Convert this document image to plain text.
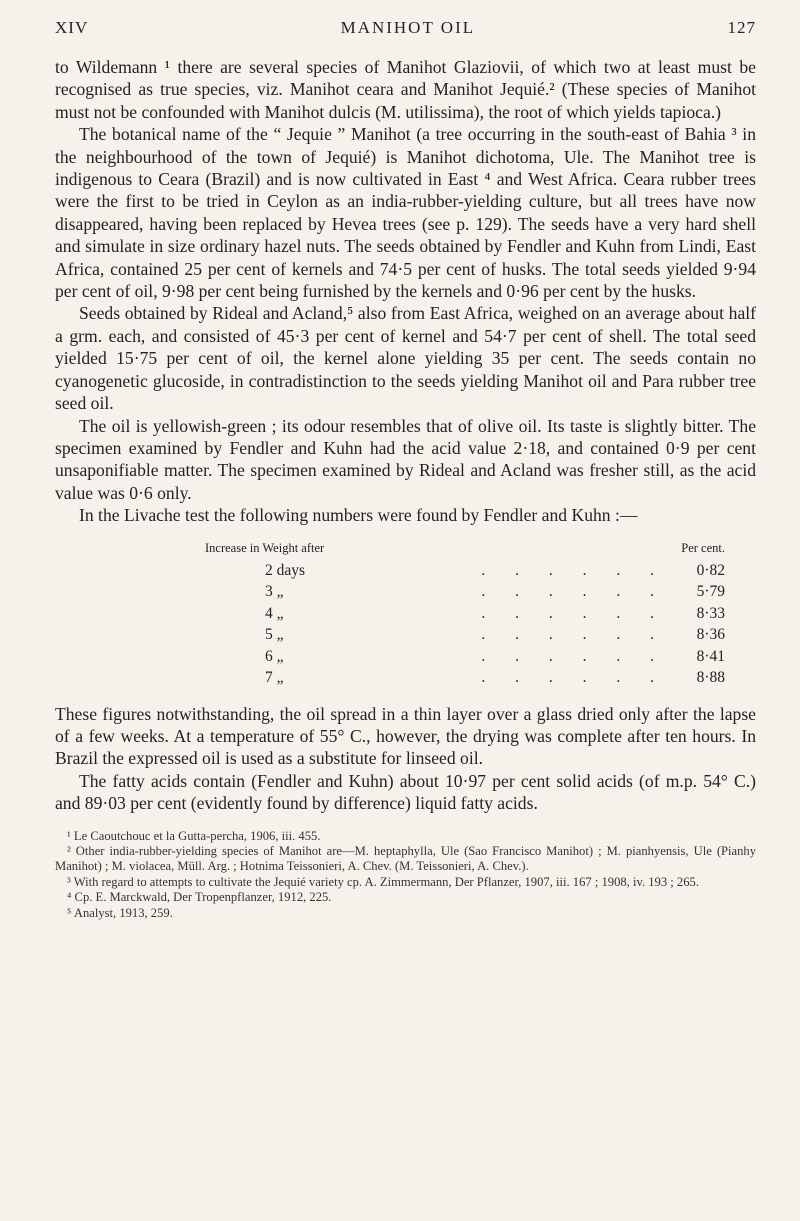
XIV	MANIHOT OIL	127

to Wildemann ¹ there are several species of Manihot Glaziovii, of which two at least must be recognised as true species, viz. Manihot ceara and Manihot Jequié.² (These species of Manihot must not be confounded with Manihot dulcis (M. utilissima), the root of which yields tapioca.)

The botanical name of the “ Jequie ” Manihot (a tree occurring in the south-east of Bahia ³ in the neighbourhood of the town of Jequié) is Manihot dichotoma, Ule. The Manihot tree is indigenous to Ceara (Brazil) and is now cultivated in East ⁴ and West Africa. Ceara rubber trees were the first to be tried in Ceylon as an india-rubber-yielding culture, but all trees have now disappeared, having been replaced by Hevea trees (see p. 129). The seeds have a very hard shell and simulate in size ordinary hazel nuts. The seeds obtained by Fendler and Kuhn from Lindi, East Africa, contained 25 per cent of kernels and 74·5 per cent of husks. The total seeds yielded 9·94 per cent of oil, 9·98 per cent being furnished by the kernels and 0·96 per cent by the husks.

Seeds obtained by Rideal and Acland,⁵ also from East Africa, weighed on an average about half a grm. each, and consisted of 45·3 per cent of kernel and 54·7 per cent of shell. The total seed yielded 15·75 per cent of oil, the kernel alone yielding 35 per cent. The seeds contain no cyanogenetic glucoside, in contradistinction to the seeds yielding Manihot oil and Para rubber tree seed oil.

The oil is yellowish-green ; its odour resembles that of olive oil. Its taste is slightly bitter. The specimen examined by Fendler and Kuhn had the acid value 2·18, and contained 0·9 per cent unsaponifiable matter. The specimen examined by Rideal and Acland was fresher still, as the acid value was 0·6 only.

In the Livache test the following numbers were found by Fendler and Kuhn :—

Increase in Weight after	Per cent.
2 days	. . . . . .	0·82
3 „	. . . . . .	5·79
4 „	. . . . . .	8·33
5 „	. . . . . .	8·36
6 „	. . . . . .	8·41
7 „	. . . . . .	8·88

These figures notwithstanding, the oil spread in a thin layer over a glass dried only after the lapse of a few weeks. At a temperature of 55° C., however, the drying was complete after ten hours. In Brazil the expressed oil is used as a substitute for linseed oil.

The fatty acids contain (Fendler and Kuhn) about 10·97 per cent solid acids (of m.p. 54° C.) and 89·03 per cent (evidently found by difference) liquid fatty acids.

¹ Le Caoutchouc et la Gutta-percha, 1906, iii. 455.

² Other india-rubber-yielding species of Manihot are—M. heptaphylla, Ule (Sao Francisco Manihot) ; M. pianhyensis, Ule (Pianhy Manihot) ; M. violacea, Müll. Arg. ; Hotnima Teissonieri, A. Chev. (M. Teissonieri, A. Chev.).

³ With regard to attempts to cultivate the Jequié variety cp. A. Zimmermann, Der Pflanzer, 1907, iii. 167 ; 1908, iv. 193 ; 265.

⁴ Cp. E. Marckwald, Der Tropenpflanzer, 1912, 225.

⁵ Analyst, 1913, 259.
